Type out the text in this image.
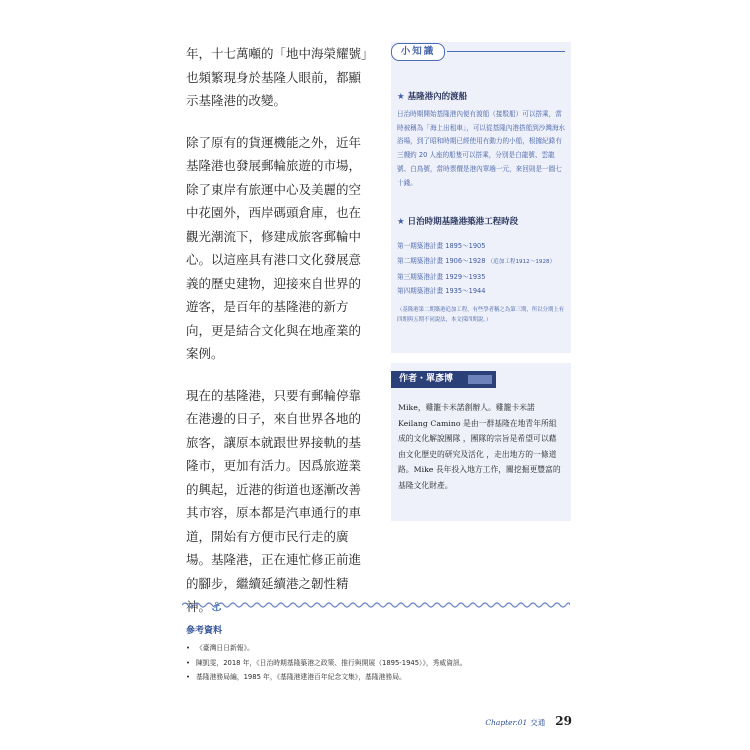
年，十七萬噸的「地中海榮耀號」也頻繁現身於基隆人眼前，都顯示基隆港的改變。

除了原有的貨運機能之外，近年基隆港也發展郵輪旅遊的市場，除了東岸有旅運中心及美麗的空中花園外，西岸碼頭倉庫，也在觀光潮流下，修建成旅客郵輪中心。以這座具有港口文化發展意義的歷史建物，迎接來自世界的遊客，是百年的基隆港的新方向，更是結合文化與在地產業的案例。

現在的基隆港，只要有郵輪停靠在港邊的日子，來自世界各地的旅客，讓原本就跟世界接軌的基隆市，更加有活力。因爲旅遊業的興起，近港的街道也逐漸改善其市容，原本都是汽車通行的車道，開始有方便市民行走的廣場。基隆港，正在連忙修正前進的腳步，繼續延續港之韌性精神。⚓

小知識
★ 基隆港內的渡船
日治時期開始基隆港內便有渡船（接駁船）可以搭乘，當時被稱為「海上出租車」，可以從基隆內港搭船到沙灣海水浴場，到了昭和時期已經使用有動力的小船，根據紀錄有三艘約 20 人座的船隻可以搭乘，分別是白龍號、雲龍號、白鳥號，當時票價是港內單趟一元，來回則是一圓七十錢。
★ 日治時期基隆港築港工程時段
第一期築港計畫 1895～1905
第二期築港計畫 1906～1928 （追加工程1912～1928）
第三期築港計畫 1929～1935
第四期築港計畫 1935～1944
（基隆港第二期築港追加工程，有些學者稱之為第三期，所以分期上有四期與五期不同說法，本文採四期說。）
作者・單彥博
Mike，雞籠卡米諾創辦人。雞籠卡米諾 Keilang Camino 是由一群基隆在地青年所組成的文化解說團隊 ，團隊的宗旨是希望可以藉由文化歷史的研究及活化 ，走出地方的一條道路。Mike 長年投入地方工作，關挖掘更豐富的基隆文化財產。
參考資料
• 《臺灣日日新報》。
• 陳凱雯，2018 年，《日治時期基隆築港之政策、推行與開展（1895-1945）》，秀威資訊。
• 基隆港務局編，1985 年，《基隆港建港百年紀念文集》，基隆港務局。
Chapter.01 交通 29
